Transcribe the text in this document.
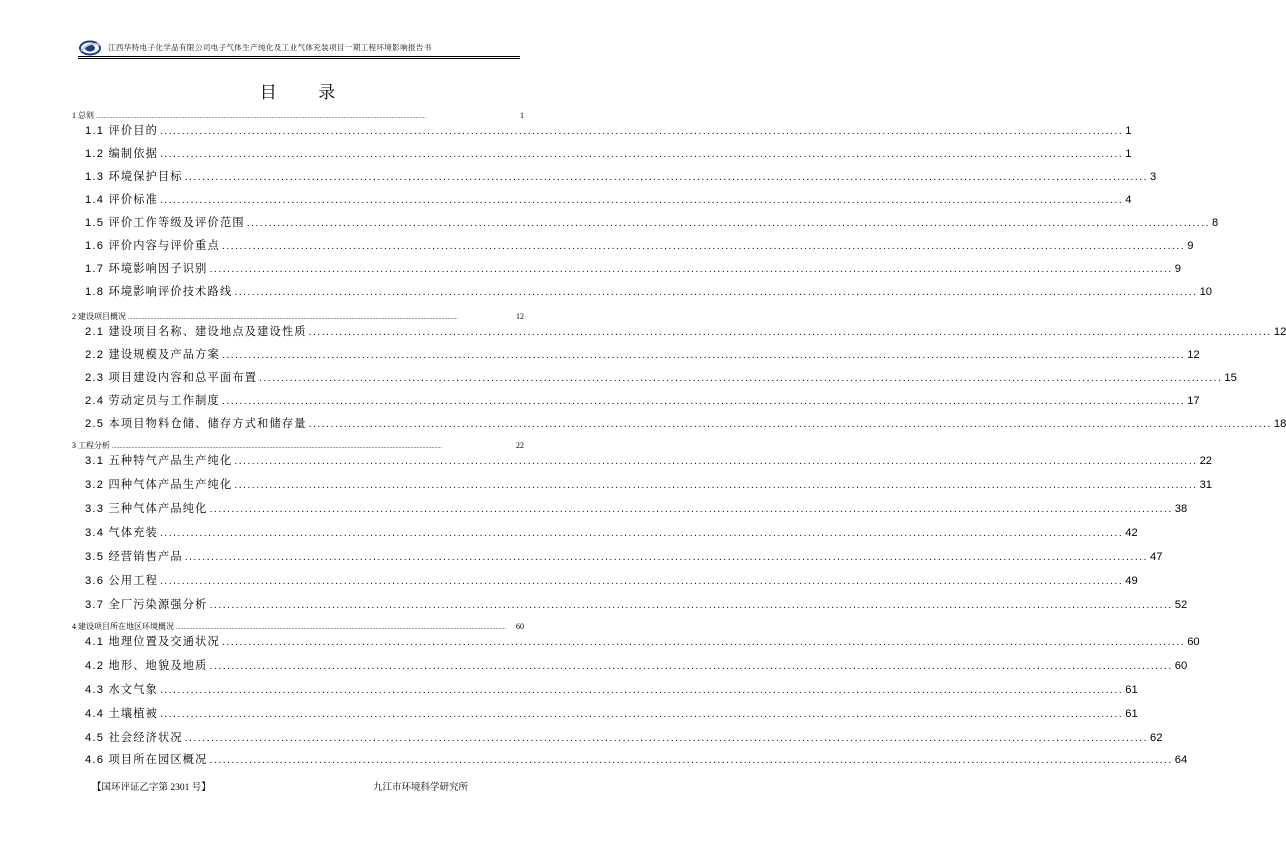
江西华特电子化学品有限公司电子气体生产纯化及工业气体充装项目一期工程环境影响报告书
目 录
1 总则 ............................................................................................................................................................................................................................	1
1.1 评价目的 ............................................................................................................................................................................................................................ 1
1.2 编制依据 ............................................................................................................................................................................................................................ 1
1.3 环境保护目标 ............................................................................................................................................................................................................................ 3
1.4 评价标准 ............................................................................................................................................................................................................................ 4
1.5 评价工作等级及评价范围 ............................................................................................................................................................................................................................ 8
1.6 评价内容与评价重点 ............................................................................................................................................................................................................................ 9
1.7 环境影响因子识别 ............................................................................................................................................................................................................................ 9
1.8 环境影响评价技术路线 ............................................................................................................................................................................................................................ 10
2 建设项目概况 ............................................................................................................................................................................................................................	12
2.1 建设项目名称、建设地点及建设性质 ............................................................................................................................................................................................................................ 12
2.2 建设规模及产品方案 ............................................................................................................................................................................................................................ 12
2.3 项目建设内容和总平面布置 ............................................................................................................................................................................................................................ 15
2.4 劳动定员与工作制度 ............................................................................................................................................................................................................................ 17
2.5 本项目物料仓储、储存方式和储存量 ............................................................................................................................................................................................................................ 18
3 工程分析 ............................................................................................................................................................................................................................	22
3.1 五种特气产品生产纯化 ............................................................................................................................................................................................................................ 22
3.2 四种气体产品生产纯化 ............................................................................................................................................................................................................................ 31
3.3 三种气体产品纯化 ............................................................................................................................................................................................................................ 38
3.4 气体充装 ............................................................................................................................................................................................................................ 42
3.5 经营销售产品 ............................................................................................................................................................................................................................ 47
3.6 公用工程 ............................................................................................................................................................................................................................ 49
3.7 全厂污染源强分析 ............................................................................................................................................................................................................................ 52
4 建设项目所在地区环境概况 ............................................................................................................................................................................................................................	60
4.1 地理位置及交通状况 ............................................................................................................................................................................................................................ 60
4.2 地形、地貌及地质 ............................................................................................................................................................................................................................ 60
4.3 水文气象 ............................................................................................................................................................................................................................ 61
4.4 土壤植被 ............................................................................................................................................................................................................................ 61
4.5 社会经济状况 ............................................................................................................................................................................................................................ 62
4.6 项目所在园区概况 ............................................................................................................................................................................................................................ 64
【国环评证乙字第 2301 号】	九江市环境科学研究所
